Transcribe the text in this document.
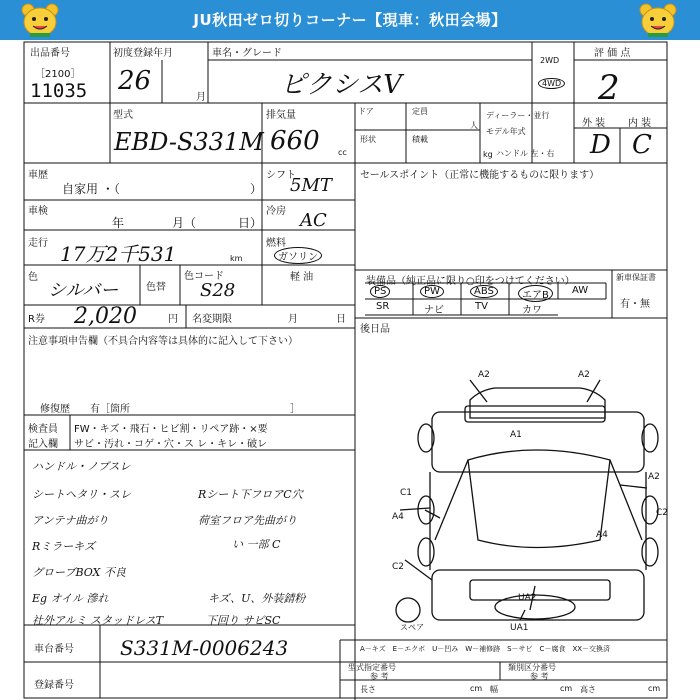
JU秋田ゼロ切りコーナー【現車：秋田会場】
出品番号
［2100］
11035
初度登録年月
26
月
車名・グレード
ピクシスV
2WD
4WD
評 価 点
2
型式
EBD-S331M
排気量
660 cc
ドア	定員
人
形状	積載
kg
ディーラー・並行
モデル年式
ハンドル 左・右
外 装 内 装
D C
車歴
自家用 ・（	）
シフト
5MT
車検
年	月（	日）
冷房 AC
走行 17万2千531	km
燃料
ガソリン
軽 油
色
シルバー	色替
色コード
S28
R券 2,020	円 名変期限	月	日
注意事項申告欄（不具合内容等は具体的に記入して下さい）
修復歴　　有［箇所　　　　　　　　　　　　　　　　］
検査員
記入欄
FW・キズ・飛石・ヒビ割・リペア跡・×要
サビ・汚れ・コゲ・穴・ス レ・キレ・破レ
ハンドル・ノブスレ
シートヘタリ・スレ
アンテナ曲がり
Rミラーキズ
グローブBOX 不良
Eg オイル 滲れ
社外アルミ スタッドレスT
Rシート下フロアC穴
荷室フロア先曲がり
い 一部 C
キズ、U、外装錆粉
下回り サビSC
セールスポイント（正常に機能するものに限ります）
装備品（純正品に限り○印をつけてください）	新車保証書
有・無
PS	PW	ABS	エアB	AW
SR	ナビ	TV	カワ
後日品
A2	A2
A1
C1
A4
A2
C2
A4
C2
UA2
UA1
スペア
A－キズ　E－エクボ　U－凹み　W－補修跡　S－サビ　C－腐食　XX－交換済
車台番号 S331M-0006243
登録番号
型式指定番号
参 考
類別区分番号
参 考
長さ	cm 幅	cm 高さ	cm
